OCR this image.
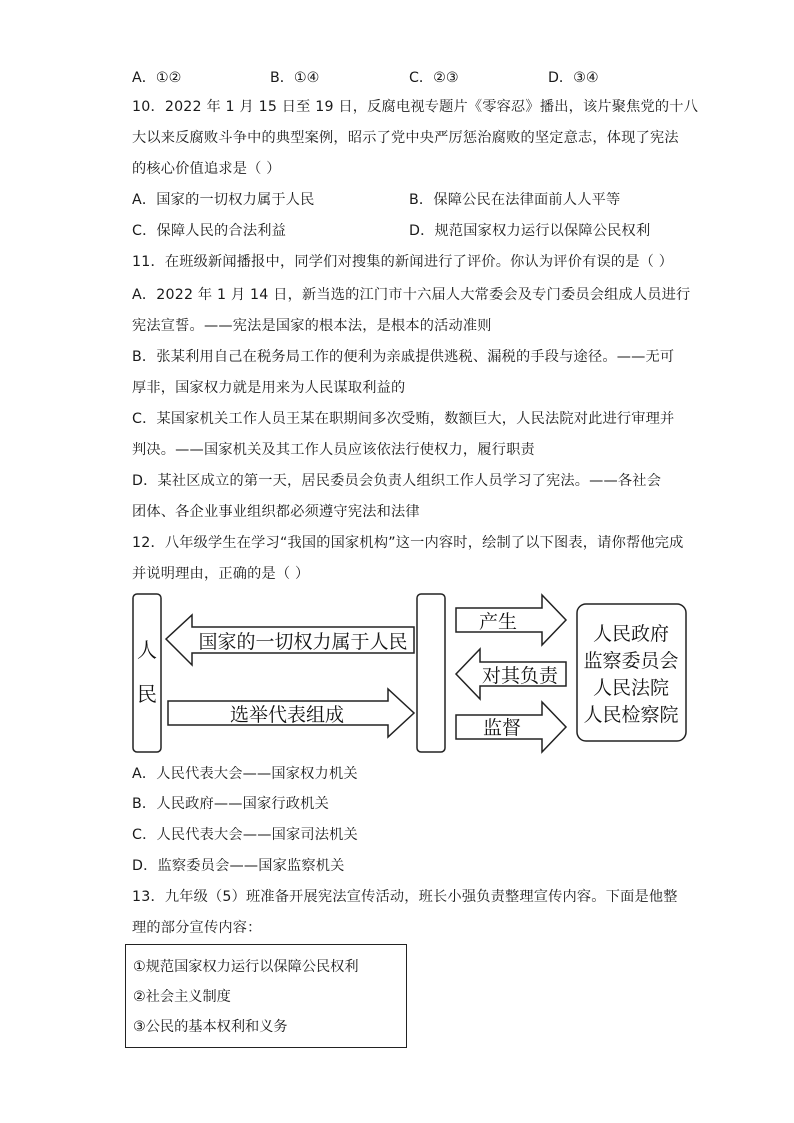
A．①②	B．①④	C．②③	D．③④
10．2022 年 1 月 15 日至 19 日，反腐电视专题片《零容忍》播出，该片聚焦党的十八
大以来反腐败斗争中的典型案例，昭示了党中央严厉惩治腐败的坚定意志，体现了宪法
的核心价值追求是（ ）
A．国家的一切权力属于人民	B．保障公民在法律面前人人平等
C．保障人民的合法利益	D．规范国家权力运行以保障公民权利
11．在班级新闻播报中，同学们对搜集的新闻进行了评价。你认为评价有误的是（ ）
A．2022 年 1 月 14 日，新当选的江门市十六届人大常委会及专门委员会组成人员进行
宪法宣誓。——宪法是国家的根本法，是根本的活动准则
B．张某利用自己在税务局工作的便利为亲戚提供逃税、漏税的手段与途径。——无可
厚非，国家权力就是用来为人民谋取利益的
C．某国家机关工作人员王某在职期间多次受贿，数额巨大，人民法院对此进行审理并
判决。——国家机关及其工作人员应该依法行使权力，履行职责
D．某社区成立的第一天，居民委员会负责人组织工作人员学习了宪法。——各社会
团体、各企业事业组织都必须遵守宪法和法律
12．八年级学生在学习“我国的国家机构”这一内容时，绘制了以下图表，请你帮他完成
并说明理由，正确的是（ ）
人
民
国家的一切权力属于人民
选举代表组成
产生
对其负责
监督
人民政府
监察委员会
人民法院
人民检察院
A．人民代表大会——国家权力机关
B．人民政府——国家行政机关
C．人民代表大会——国家司法机关
D．监察委员会——国家监察机关
13．九年级（5）班准备开展宪法宣传活动，班长小强负责整理宣传内容。下面是他整
理的部分宣传内容：
①规范国家权力运行以保障公民权利
②社会主义制度
③公民的基本权利和义务
